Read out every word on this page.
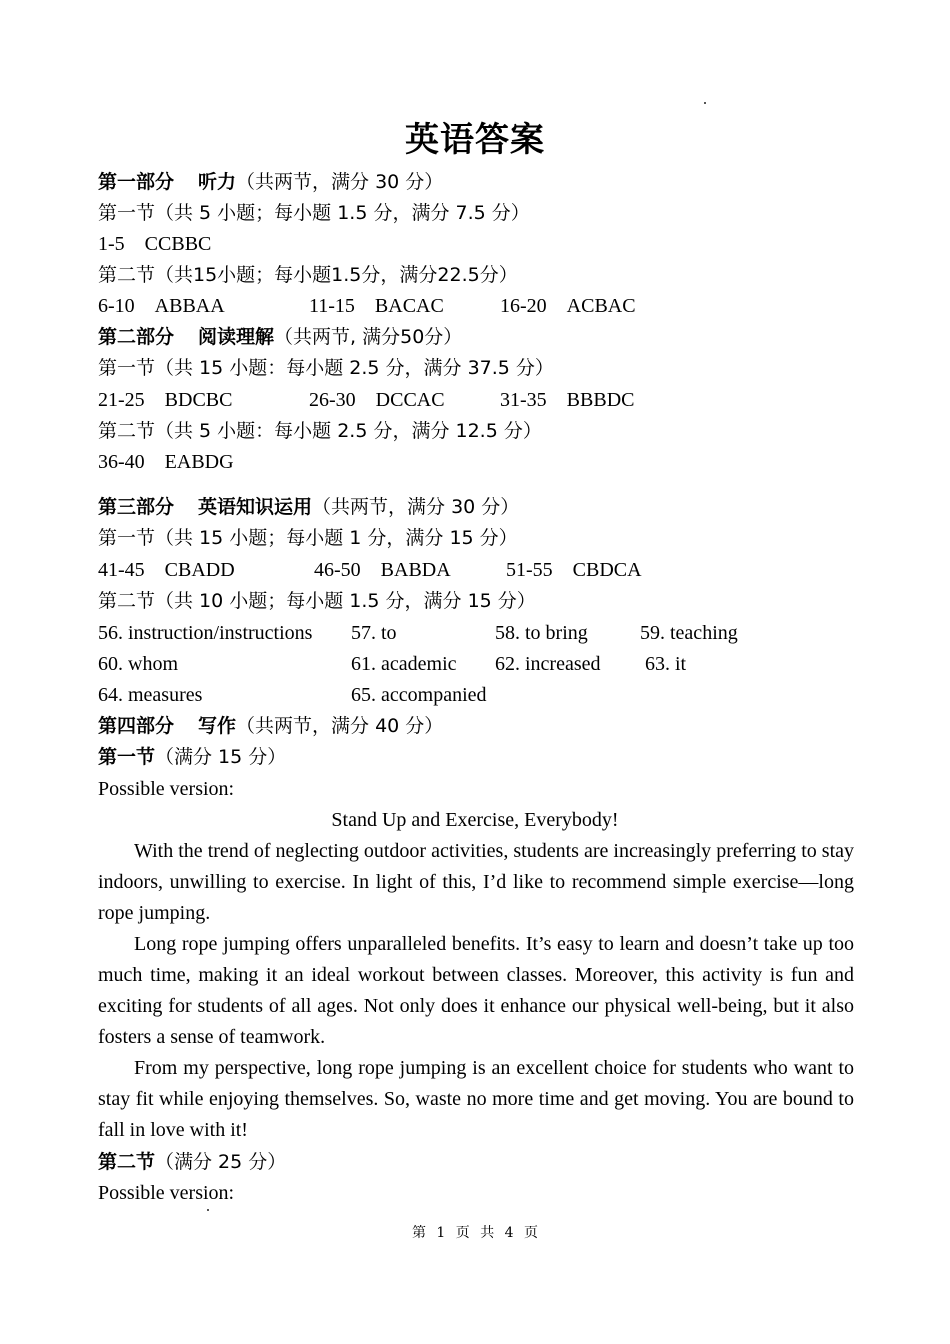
英语答案
第一部分 听力（共两节，满分 30 分）
第一节（共 5 小题；每小题 1.5 分，满分 7.5 分）
1-5 CCBBC
第二节（共15小题；每小题1.5分，满分22.5分）
6-10 ABBAA	11-15 BACAC	16-20 ACBAC
第二部分 阅读理解（共两节, 满分50分）
第一节（共 15 小题：每小题 2.5 分，满分 37.5 分）
21-25 BDCBC	26-30 DCCAC	31-35 BBBDC
第二节（共 5 小题：每小题 2.5 分，满分 12.5 分）
36-40 EABDG
第三部分 英语知识运用（共两节，满分 30 分）
第一节（共 15 小题；每小题 1 分，满分 15 分）
41-45 CBADD	46-50 BABDA	51-55 CBDCA
第二节（共 10 小题；每小题 1.5 分，满分 15 分）
56. instruction/instructions 57. to	58. to bring	59. teaching
60. whom	61. academic 62. increased 63. it
64. measures	65. accompanied
第四部分 写作（共两节，满分 40 分）
第一节（满分 15 分）
Possible version:
Stand Up and Exercise, Everybody!
With the trend of neglecting outdoor activities, students are increasingly preferring to stay indoors, unwilling to exercise. In light of this, I’d like to recommend simple exercise—long rope jumping.
Long rope jumping offers unparalleled benefits. It’s easy to learn and doesn’t take up too much time, making it an ideal workout between classes. Moreover, this activity is fun and exciting for students of all ages. Not only does it enhance our physical well-being, but it also fosters a sense of teamwork.
From my perspective, long rope jumping is an excellent choice for students who want to stay fit while enjoying themselves. So, waste no more time and get moving. You are bound to fall in love with it!
第二节（满分 25 分）
Possible version:
第 1 页 共 4 页
